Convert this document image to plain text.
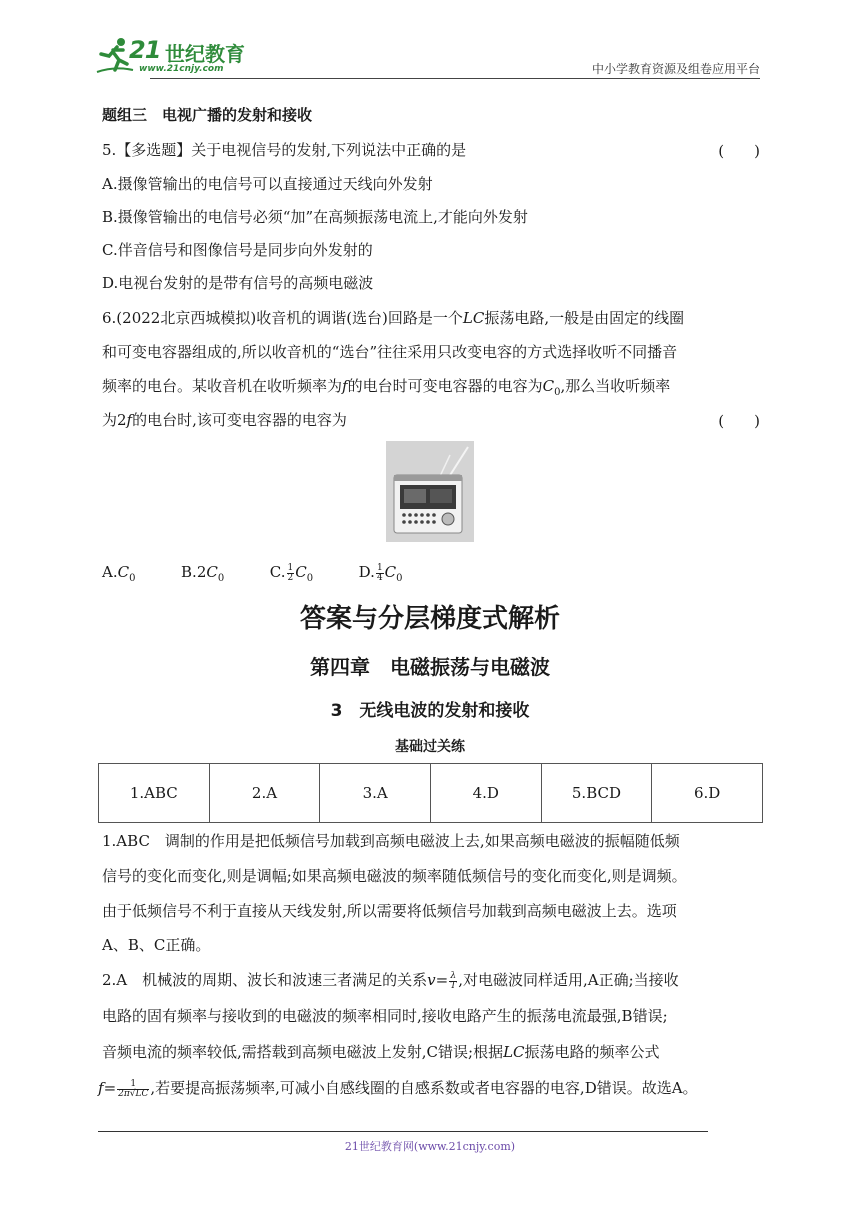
21 世纪教育
www.21cnjy.com	中小学教育资源及组卷应用平台
题组三　电视广播的发射和接收
5.【多选题】关于电视信号的发射,下列说法中正确的是	(　　)
A.摄像管输出的电信号可以直接通过天线向外发射
B.摄像管输出的电信号必须“加”在高频振荡电流上,才能向外发射
C.伴音信号和图像信号是同步向外发射的
D.电视台发射的是带有信号的高频电磁波
6.(2022北京西城模拟)收音机的调谐(选台)回路是一个LC振荡电路,一般是由固定的线圈
和可变电容器组成的,所以收音机的“选台”往往采用只改变电容的方式选择收听不同播音
频率的电台。某收音机在收听频率为f的电台时可变电容器的电容为$C_0$,那么当收听频率
为2f的电台时,该可变电容器的电容为	(　　)
$A.C_0$	$B.2C_0$	C. $\frac{1}{2} C_0$	D. $\frac{1}{4} C_0$
答案与分层梯度式解析
第四章　电磁振荡与电磁波
3　无线电波的发射和接收
基础过关练
1.ABC	2.A	3.A	4.D	5.BCD	6.D
1.ABC　调制的作用是把低频信号加载到高频电磁波上去,如果高频电磁波的振幅随低频
信号的变化而变化,则是调幅;如果高频电磁波的频率随低频信号的变化而变化,则是调频。
由于低频信号不利于直接从天线发射,所以需要将低频信号加载到高频电磁波上去。选项
A、B、C正确。
2.A　机械波的周期、波长和波速三者满足的关系$v= \frac{\lambda}{T}$ ,对电磁波同样适用,A正确;当接收
电路的固有频率与接收到的电磁波的频率相同时,接收电路产生的振荡电流最强,B错误;
音频电流的频率较低,需搭载到高频电磁波上发射,C错误;根据LC振荡电路的频率公式
$f= \frac{1}{2\pi√LC}$ ,若要提高振荡频率,可减小自感线圈的自感系数或者电容器的电容,D错误。故选A。
21世纪教育网(www.21cnjy.com)
